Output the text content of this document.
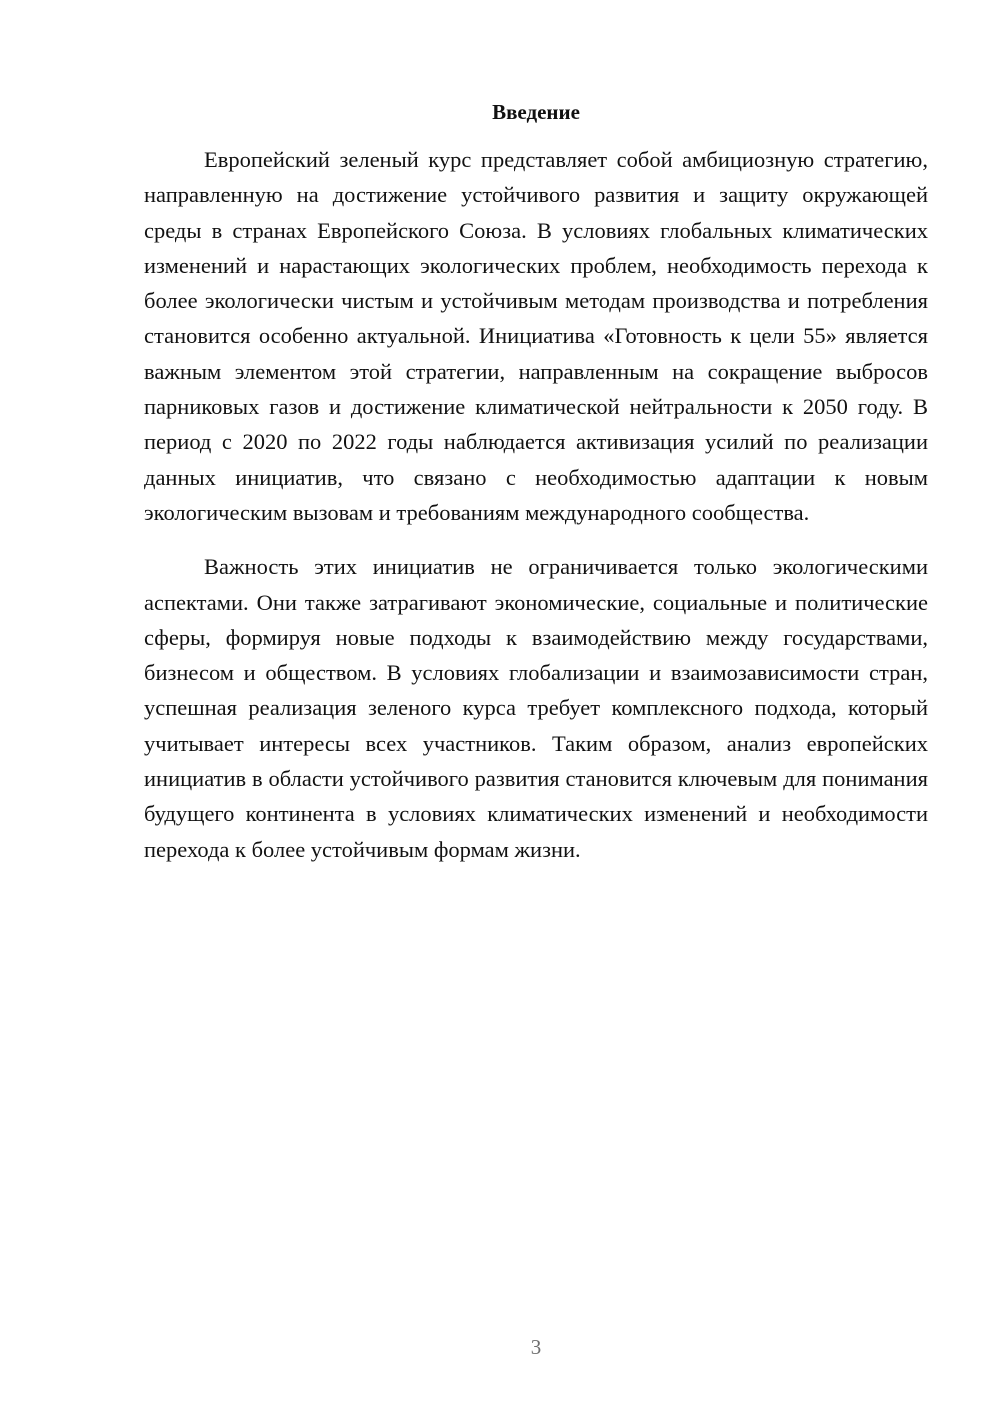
Введение

Европейский зеленый курс представляет собой амбициозную стратегию, направленную на достижение устойчивого развития и защиту окружающей среды в странах Европейского Союза. В условиях глобальных климатических изменений и нарастающих экологических проблем, необходимость перехода к более экологически чистым и устойчивым методам производства и потребления становится особенно актуальной. Инициатива «Готовность к цели 55» является важным элементом этой стратегии, направленным на сокращение выбросов парниковых газов и достижение климатической нейтральности к 2050 году. В период с 2020 по 2022 годы наблюдается активизация усилий по реализации данных инициатив, что связано с необходимостью адаптации к новым экологическим вызовам и требованиям международного сообщества.

Важность этих инициатив не ограничивается только экологическими аспектами. Они также затрагивают экономические, социальные и политические сферы, формируя новые подходы к взаимодействию между государствами, бизнесом и обществом. В условиях глобализации и взаимозависимости стран, успешная реализация зеленого курса требует комплексного подхода, который учитывает интересы всех участников. Таким образом, анализ европейских инициатив в области устойчивого развития становится ключевым для понимания будущего континента в условиях климатических изменений и необходимости перехода к более устойчивым формам жизни.

3
